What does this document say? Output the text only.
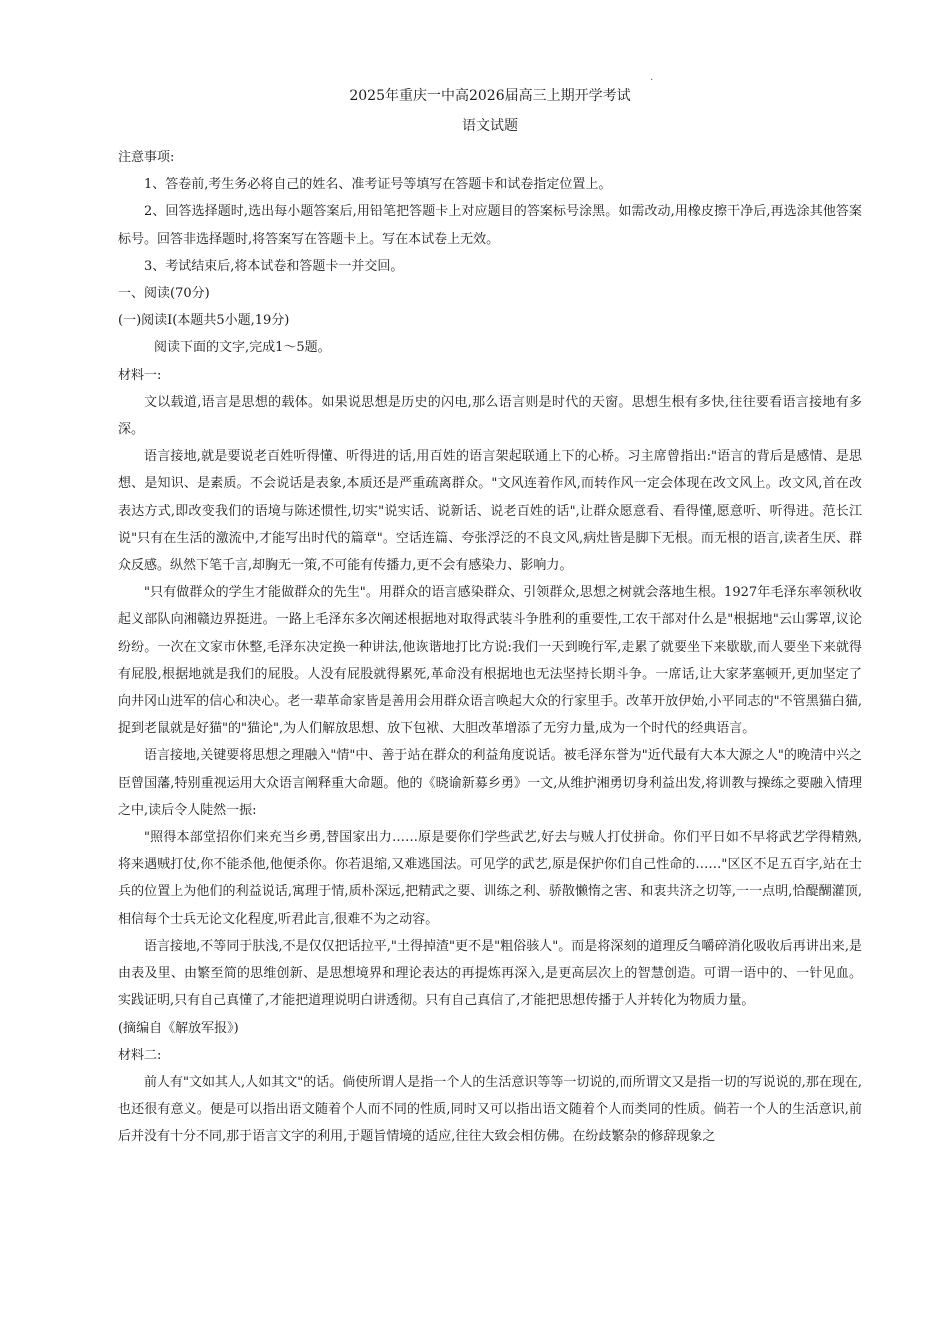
.
2025年重庆一中高2026届高三上期开学考试
语文试题

注意事项:

1、答卷前,考生务必将自己的姓名、准考证号等填写在答题卡和试卷指定位置上。

2、回答选择题时,选出每小题答案后,用铅笔把答题卡上对应题目的答案标号涂黑。如需改动,用橡皮擦干净后,再选涂其他答案标号。回答非选择题时,将答案写在答题卡上。写在本试卷上无效。

3、考试结束后,将本试卷和答题卡一并交回。

一、阅读(70分)

(一)阅读Ⅰ(本题共5小题,19分)

阅读下面的文字,完成1～5题。

材料一:

文以载道,语言是思想的载体。如果说思想是历史的闪电,那么语言则是时代的天窗。思想生根有多快,往往要看语言接地有多深。

语言接地,就是要说老百姓听得懂、听得进的话,用百姓的语言架起联通上下的心桥。习主席曾指出:"语言的背后是感情、是思想、是知识、是素质。不会说话是表象,本质还是严重疏离群众。"文风连着作风,而转作风一定会体现在改文风上。改文风,首在改表达方式,即改变我们的语境与陈述惯性,切实"说实话、说新话、说老百姓的话",让群众愿意看、看得懂,愿意听、听得进。范长江说"只有在生活的激流中,才能写出时代的篇章"。空话连篇、夸张浮泛的不良文风,病灶皆是脚下无根。而无根的语言,读者生厌、群众反感。纵然下笔千言,却胸无一策,不可能有传播力,更不会有感染力、影响力。

"只有做群众的学生才能做群众的先生"。用群众的语言感染群众、引领群众,思想之树就会落地生根。1927年毛泽东率领秋收起义部队向湘赣边界挺进。一路上毛泽东多次阐述根据地对取得武装斗争胜利的重要性,工农干部对什么是"根据地"云山雾罩,议论纷纷。一次在文家市休整,毛泽东决定换一种讲法,他诙谐地打比方说:我们一天到晚行军,走累了就要坐下来歇歇,而人要坐下来就得有屁股,根据地就是我们的屁股。人没有屁股就得累死,革命没有根据地也无法坚持长期斗争。一席话,让大家茅塞顿开,更加坚定了向井冈山进军的信心和决心。老一辈革命家皆是善用会用群众语言唤起大众的行家里手。改革开放伊始,小平同志的"不管黑猫白猫,捉到老鼠就是好猫"的"猫论",为人们解放思想、放下包袱、大胆改革增添了无穷力量,成为一个时代的经典语言。

语言接地,关键要将思想之理融入"情"中、善于站在群众的利益角度说话。被毛泽东誉为"近代最有大本大源之人"的晚清中兴之臣曾国藩,特别重视运用大众语言阐释重大命题。他的《晓谕新募乡勇》一文,从维护湘勇切身利益出发,将训教与操练之要融入情理之中,读后令人陡然一振:

"照得本部堂招你们来充当乡勇,替国家出力……原是要你们学些武艺,好去与贼人打仗拼命。你们平日如不早将武艺学得精熟,将来遇贼打仗,你不能杀他,他便杀你。你若退缩,又难逃国法。可见学的武艺,原是保护你们自己性命的……"区区不足五百字,站在士兵的位置上为他们的利益说话,寓理于情,质朴深远,把精武之要、训练之利、骄散懒惰之害、和衷共济之切等,一一点明,恰醍醐灌顶,相信每个士兵无论文化程度,听君此言,很难不为之动容。

语言接地,不等同于肤浅,不是仅仅把话拉平,"土得掉渣"更不是"粗俗骇人"。而是将深刻的道理反刍嚼碎消化吸收后再讲出来,是由表及里、由繁至简的思维创新、是思想境界和理论表达的再提炼再深入,是更高层次上的智慧创造。可谓一语中的、一针见血。实践证明,只有自己真懂了,才能把道理说明白讲透彻。只有自己真信了,才能把思想传播于人并转化为物质力量。

(摘编自《解放军报》)

材料二:

前人有"文如其人,人如其文"的话。倘使所谓人是指一个人的生活意识等等一切说的,而所谓文又是指一切的写说说的,那在现在,也还很有意义。便是可以指出语文随着个人而不同的性质,同时又可以指出语文随着个人而类同的性质。倘若一个人的生活意识,前后并没有十分不同,那于语言文字的利用,于题旨情境的适应,往往大致会相仿佛。在纷歧繁杂的修辞现象之
